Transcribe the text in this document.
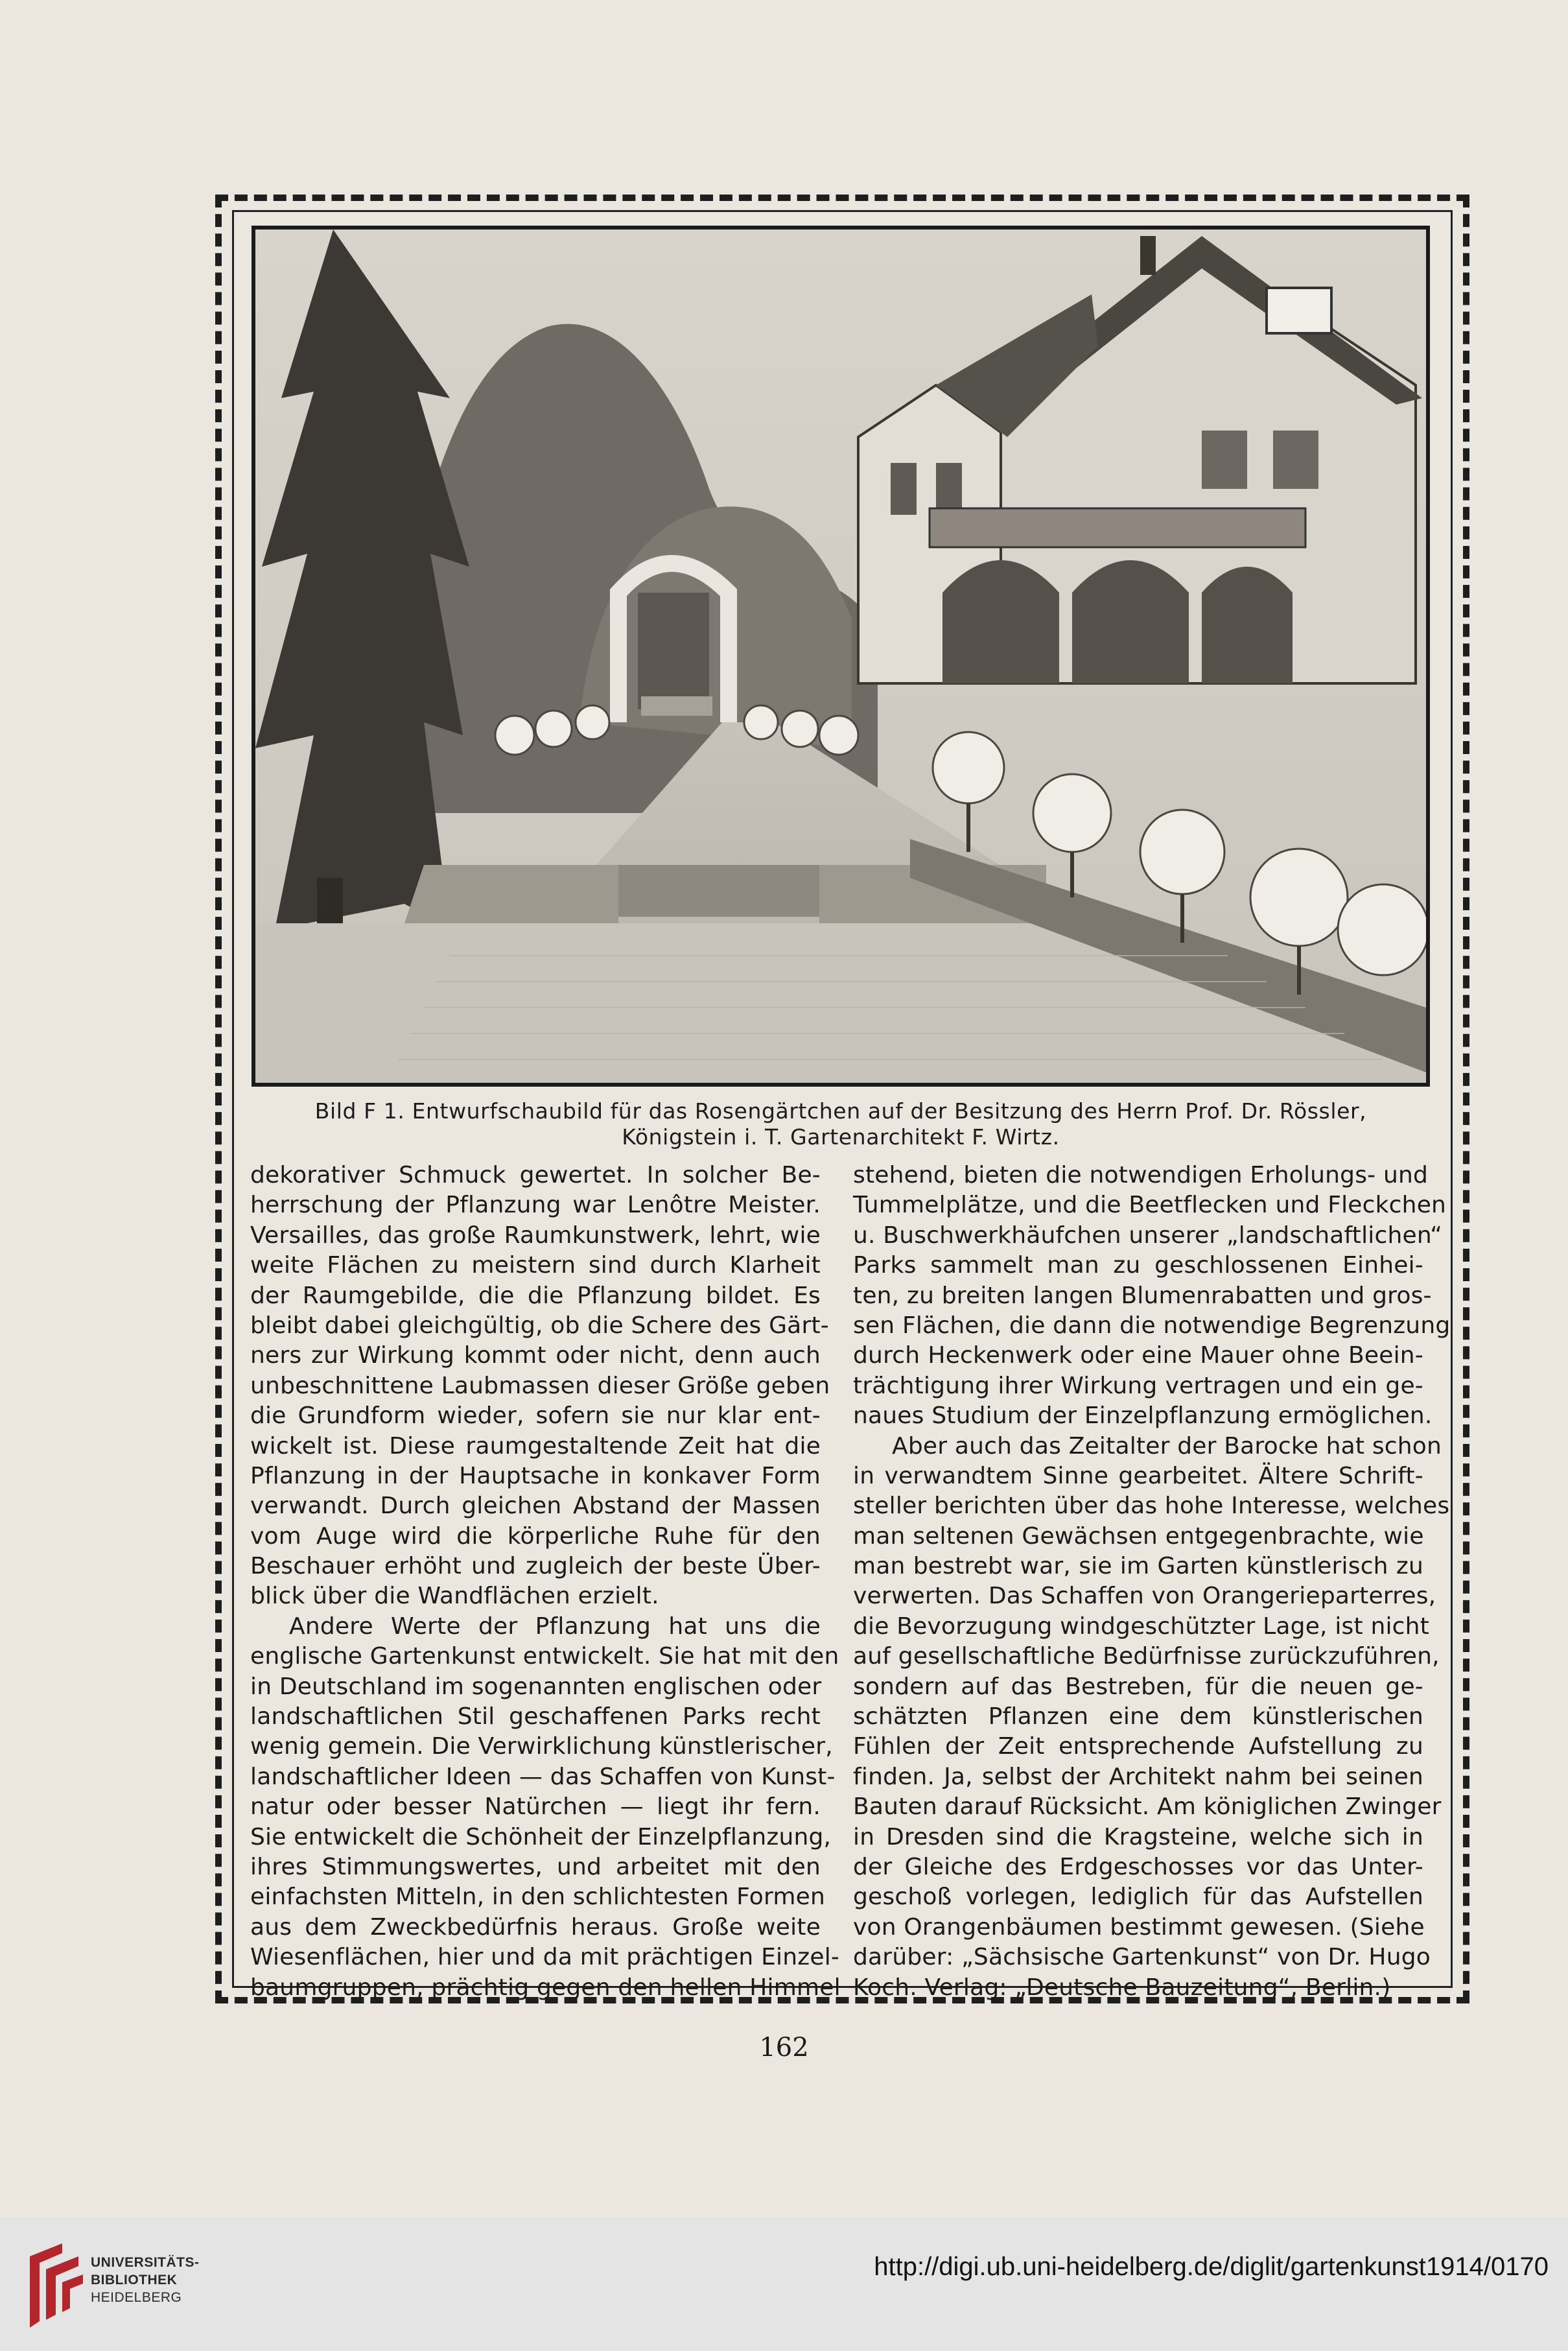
Bild F 1. Entwurfschaubild für das Rosengärtchen auf der Besitzung des Herrn Prof. Dr. Rössler,
Königstein i. T. Gartenarchitekt F. Wirtz.
dekorativer Schmuck gewertet. In solcher Be-
herrschung der Pflanzung war Lenôtre Meister.
Versailles, das große Raumkunstwerk, lehrt, wie
weite Flächen zu meistern sind durch Klarheit
der Raumgebilde, die die Pflanzung bildet. Es
bleibt dabei gleichgültig, ob die Schere des Gärt-
ners zur Wirkung kommt oder nicht, denn auch
unbeschnittene Laubmassen dieser Größe geben
die Grundform wieder, sofern sie nur klar ent-
wickelt ist. Diese raumgestaltende Zeit hat die
Pflanzung in der Hauptsache in konkaver Form
verwandt. Durch gleichen Abstand der Massen
vom Auge wird die körperliche Ruhe für den
Beschauer erhöht und zugleich der beste Über-
blick über die Wandflächen erzielt.
Andere Werte der Pflanzung hat uns die
englische Gartenkunst entwickelt. Sie hat mit den
in Deutschland im sogenannten englischen oder
landschaftlichen Stil geschaffenen Parks recht
wenig gemein. Die Verwirklichung künstlerischer,
landschaftlicher Ideen — das Schaffen von Kunst-
natur oder besser Natürchen — liegt ihr fern.
Sie entwickelt die Schönheit der Einzelpflanzung,
ihres Stimmungswertes, und arbeitet mit den
einfachsten Mitteln, in den schlichtesten Formen
aus dem Zweckbedürfnis heraus. Große weite
Wiesenflächen, hier und da mit prächtigen Einzel-
baumgruppen, prächtig gegen den hellen Himmel
stehend, bieten die notwendigen Erholungs- und
Tummelplätze, und die Beetflecken und Fleckchen
u. Buschwerkhäufchen unserer „landschaftlichen“
Parks sammelt man zu geschlossenen Einhei-
ten, zu breiten langen Blumenrabatten und gros-
sen Flächen, die dann die notwendige Begrenzung
durch Heckenwerk oder eine Mauer ohne Beein-
trächtigung ihrer Wirkung vertragen und ein ge-
naues Studium der Einzelpflanzung ermöglichen.
Aber auch das Zeitalter der Barocke hat schon
in verwandtem Sinne gearbeitet. Ältere Schrift-
steller berichten über das hohe Interesse, welches
man seltenen Gewächsen entgegenbrachte, wie
man bestrebt war, sie im Garten künstlerisch zu
verwerten. Das Schaffen von Orangerieparterres,
die Bevorzugung windgeschützter Lage, ist nicht
auf gesellschaftliche Bedürfnisse zurückzuführen,
sondern auf das Bestreben, für die neuen ge-
schätzten Pflanzen eine dem künstlerischen
Fühlen der Zeit entsprechende Aufstellung zu
finden. Ja, selbst der Architekt nahm bei seinen
Bauten darauf Rücksicht. Am königlichen Zwinger
in Dresden sind die Kragsteine, welche sich in
der Gleiche des Erdgeschosses vor das Unter-
geschoß vorlegen, lediglich für das Aufstellen
von Orangenbäumen bestimmt gewesen. (Siehe
darüber: „Sächsische Gartenkunst“ von Dr. Hugo
Koch. Verlag: „Deutsche Bauzeitung“, Berlin.)
162
UNIVERSITÄTS-
BIBLIOTHEK
HEIDELBERG
http://digi.ub.uni-heidelberg.de/diglit/gartenkunst1914/0170
